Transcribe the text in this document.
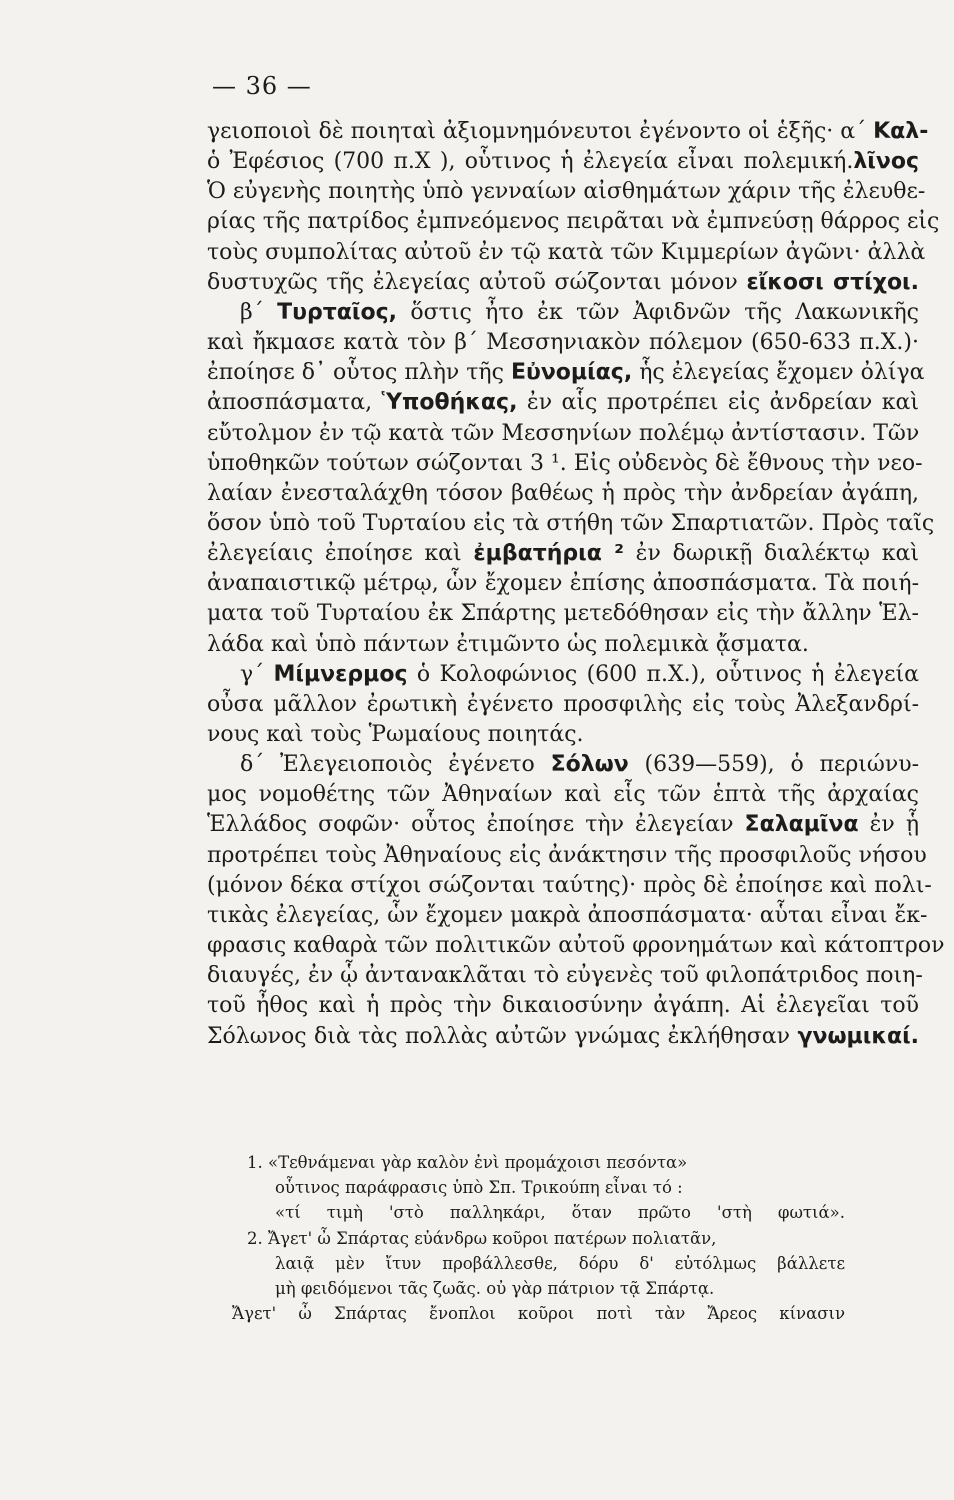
— 36 —
γειοποιοὶ δὲ ποιηταὶ ἀξιομνημόνευτοι ἐγένοντο οἱ ἑξῆς· α΄ Καλ-
ὁ Ἐφέσιος (700 π.Χ ), οὗτινος ἡ ἐλεγεία εἶναι πολεμική.λῖνος
Ὁ εὐγενὴς ποιητὴς ὑπὸ γενναίων αἰσθημάτων χάριν τῆς ἐλευθε-
ρίας τῆς πατρίδος ἐμπνεόμενος πειρᾶται νὰ ἐμπνεύσῃ θάρρος εἰς
τοὺς συμπολίτας αὐτοῦ ἐν τῷ κατὰ τῶν Κιμμερίων ἀγῶνι· ἀλλὰ
δυστυχῶς τῆς ἐλεγείας αὐτοῦ σώζονται μόνον εἴκοσι στίχοι.
β΄ Τυρταῖος, ὅστις ἦτο ἐκ τῶν Ἀφιδνῶν τῆς Λακωνικῆς
καὶ ἤκμασε κατὰ τὸν β΄ Μεσσηνιακὸν πόλεμον (650-633 π.Χ.)·
ἐποίησε δ᾽ οὗτος πλὴν τῆς Εὐνομίας, ἧς ἐλεγείας ἔχομεν ὀλίγα
ἀποσπάσματα, Ὑποθήκας, ἐν αἷς προτρέπει εἰς ἀνδρείαν καὶ
εὔτολμον ἐν τῷ κατὰ τῶν Μεσσηνίων πολέμῳ ἀντίστασιν. Τῶν
ὑποθηκῶν τούτων σώζονται 3 ¹. Εἰς οὐδενὸς δὲ ἔθνους τὴν νεο-
λαίαν ἐνεσταλάχθη τόσον βαθέως ἡ πρὸς τὴν ἀνδρείαν ἀγάπη,
ὅσον ὑπὸ τοῦ Τυρταίου εἰς τὰ στήθη τῶν Σπαρτιατῶν. Πρὸς ταῖς
ἐλεγείαις ἐποίησε καὶ ἐμβατήρια ² ἐν δωρικῇ διαλέκτῳ καὶ
ἀναπαιστικῷ μέτρῳ, ὧν ἔχομεν ἐπίσης ἀποσπάσματα. Τὰ ποιή-
ματα τοῦ Τυρταίου ἐκ Σπάρτης μετεδόθησαν εἰς τὴν ἄλλην Ἑλ-
λάδα καὶ ὑπὸ πάντων ἐτιμῶντο ὡς πολεμικὰ ᾄσματα.
γ΄ Μίμνερμος ὁ Κολοφώνιος (600 π.Χ.), οὗτινος ἡ ἐλεγεία
οὖσα μᾶλλον ἐρωτικὴ ἐγένετο προσφιλὴς εἰς τοὺς Ἀλεξανδρί-
νους καὶ τοὺς Ῥωμαίους ποιητάς.
δ΄ Ἐλεγειοποιὸς ἐγένετο Σόλων (639—559), ὁ περιώνυ-
μος νομοθέτης τῶν Ἀθηναίων καὶ εἷς τῶν ἑπτὰ τῆς ἀρχαίας
Ἑλλάδος σοφῶν· οὗτος ἐποίησε τὴν ἐλεγείαν Σαλαμῖνα ἐν ᾗ
προτρέπει τοὺς Ἀθηναίους εἰς ἀνάκτησιν τῆς προσφιλοῦς νήσου
(μόνον δέκα στίχοι σώζονται ταύτης)· πρὸς δὲ ἐποίησε καὶ πολι-
τικὰς ἐλεγείας, ὧν ἔχομεν μακρὰ ἀποσπάσματα· αὗται εἶναι ἔκ-
φρασις καθαρὰ τῶν πολιτικῶν αὐτοῦ φρονημάτων καὶ κάτοπτρον
διαυγές, ἐν ᾧ ἀντανακλᾶται τὸ εὐγενὲς τοῦ φιλοπάτριδος ποιη-
τοῦ ἦθος καὶ ἡ πρὸς τὴν δικαιοσύνην ἀγάπη. Αἱ ἐλεγεῖαι τοῦ
Σόλωνος διὰ τὰς πολλὰς αὐτῶν γνώμας ἐκλήθησαν γνωμικαί.
1. «Τεθνάμεναι γὰρ καλὸν ἐνὶ προμάχοισι πεσόντα»
οὗτινος παράφρασις ὑπὸ Σπ. Τρικούπη εἶναι τό :
«τί τιμὴ 'στὸ παλληκάρι, ὅταν πρῶτο 'στὴ φωτιά».
2. Ἄγετ' ὦ Σπάρτας εὐάνδρω κοῦροι πατέρων πολιατᾶν,
λαιᾷ μὲν ἴτυν προβάλλεσθε, δόρυ δ' εὐτόλμως βάλλετε
μὴ φειδόμενοι τᾶς ζωᾶς. οὐ γὰρ πάτριον τᾷ Σπάρτᾳ.
Ἄγετ' ὦ Σπάρτας ἔνοπλοι κοῦροι ποτὶ τὰν Ἄρεος κίνασιν
